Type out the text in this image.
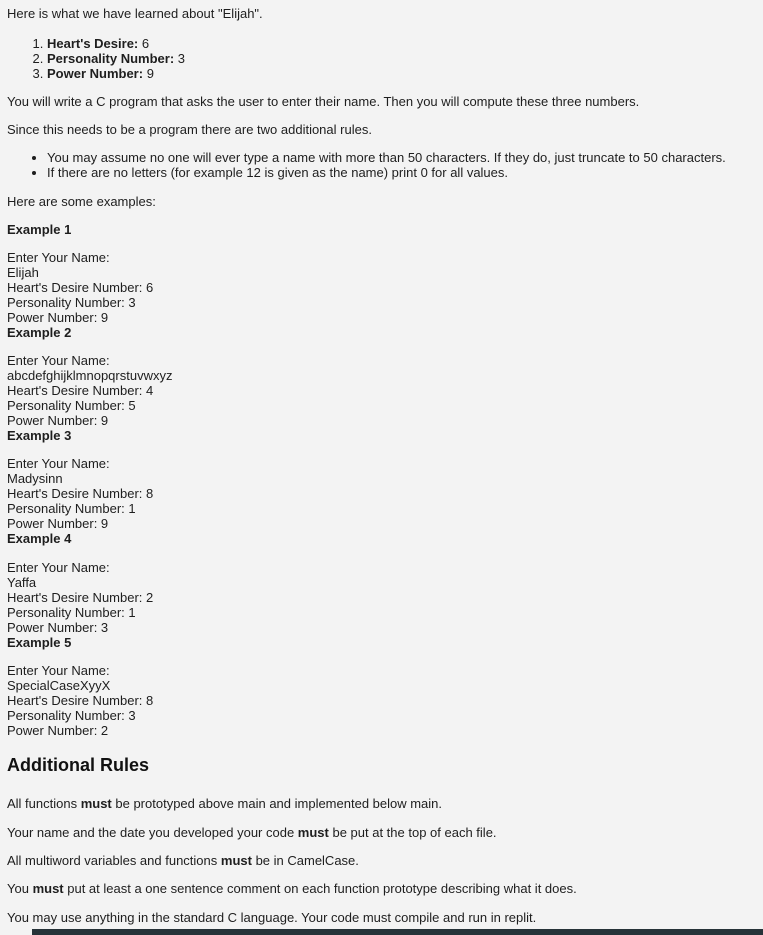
Here is what we have learned about "Elijah".
1. Heart's Desire: 6
2. Personality Number: 3
3. Power Number: 9
You will write a C program that asks the user to enter their name. Then you will compute these three numbers.
Since this needs to be a program there are two additional rules.
• You may assume no one will ever type a name with more than 50 characters. If they do, just truncate to 50 characters.
• If there are no letters (for example 12 is given as the name) print 0 for all values.
Here are some examples:
Example 1
Enter Your Name:
Elijah
Heart's Desire Number: 6
Personality Number: 3
Power Number: 9
Example 2
Enter Your Name:
abcdefghijklmnopqrstuvwxyz
Heart's Desire Number: 4
Personality Number: 5
Power Number: 9
Example 3
Enter Your Name:
Madysinn
Heart's Desire Number: 8
Personality Number: 1
Power Number: 9
Example 4
Enter Your Name:
Yaffa
Heart's Desire Number: 2
Personality Number: 1
Power Number: 3
Example 5
Enter Your Name:
SpecialCaseXyyX
Heart's Desire Number: 8
Personality Number: 3
Power Number: 2
Additional Rules
All functions must be prototyped above main and implemented below main.
Your name and the date you developed your code must be put at the top of each file.
All multiword variables and functions must be in CamelCase.
You must put at least a one sentence comment on each function prototype describing what it does.
You may use anything in the standard C language. Your code must compile and run in replit.
